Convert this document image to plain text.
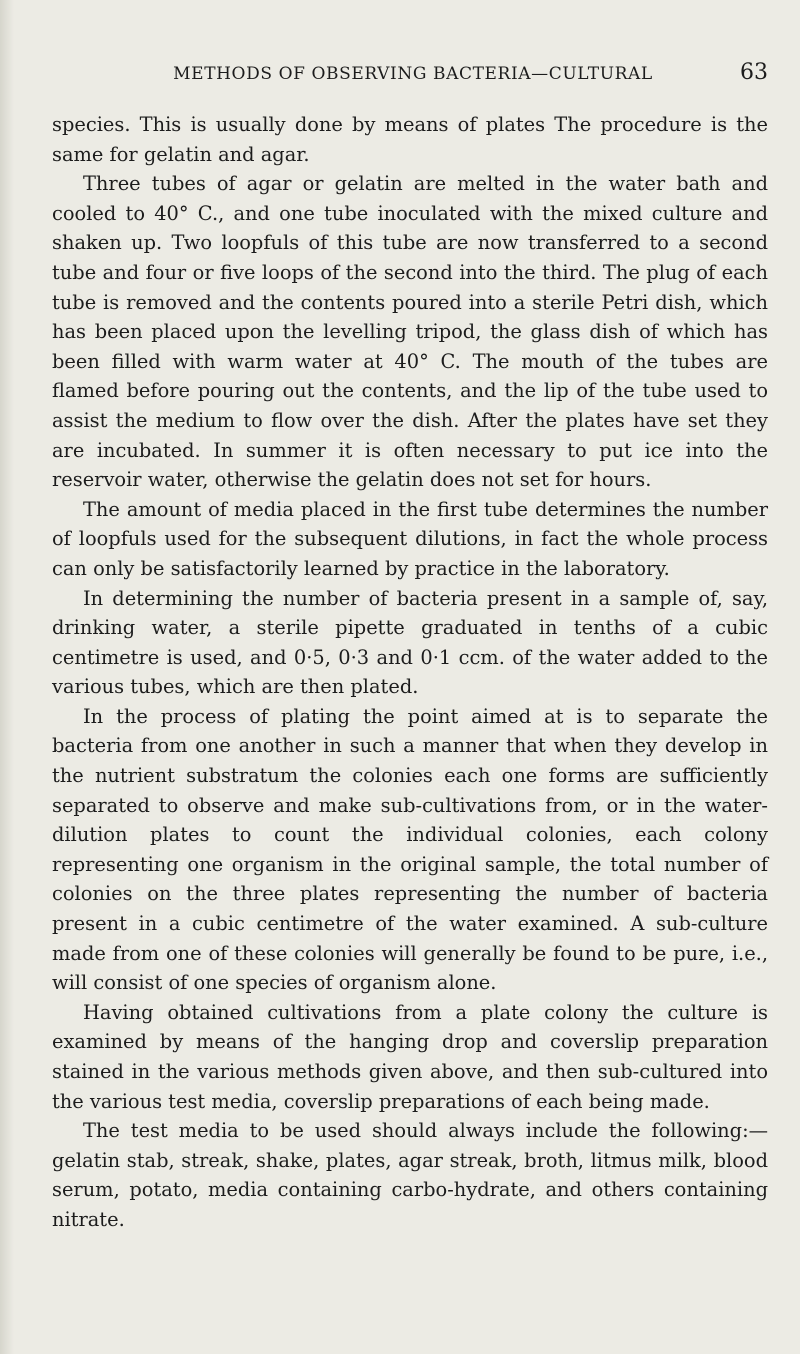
METHODS OF OBSERVING BACTERIA—CULTURAL	63

species. This is usually done by means of plates The procedure is the same for gelatin and agar.

Three tubes of agar or gelatin are melted in the water bath and cooled to 40° C., and one tube inoculated with the mixed culture and shaken up. Two loopfuls of this tube are now transferred to a second tube and four or five loops of the second into the third. The plug of each tube is removed and the contents poured into a sterile Petri dish, which has been placed upon the levelling tripod, the glass dish of which has been filled with warm water at 40° C. The mouth of the tubes are flamed before pouring out the contents, and the lip of the tube used to assist the medium to flow over the dish. After the plates have set they are incubated. In summer it is often necessary to put ice into the reservoir water, otherwise the gelatin does not set for hours.

The amount of media placed in the first tube determines the number of loopfuls used for the subsequent dilutions, in fact the whole process can only be satisfactorily learned by practice in the laboratory.

In determining the number of bacteria present in a sample of, say, drinking water, a sterile pipette graduated in tenths of a cubic centimetre is used, and 0·5, 0·3 and 0·1 ccm. of the water added to the various tubes, which are then plated.

In the process of plating the point aimed at is to separate the bacteria from one another in such a manner that when they develop in the nutrient substratum the colonies each one forms are sufficiently separated to observe and make sub-cultivations from, or in the water-dilution plates to count the individual colonies, each colony representing one organism in the original sample, the total number of colonies on the three plates representing the number of bacteria present in a cubic centimetre of the water examined. A sub-culture made from one of these colonies will generally be found to be pure, i.e., will consist of one species of organism alone.

Having obtained cultivations from a plate colony the culture is examined by means of the hanging drop and coverslip preparation stained in the various methods given above, and then sub-cultured into the various test media, coverslip preparations of each being made.

The test media to be used should always include the following:— gelatin stab, streak, shake, plates, agar streak, broth, litmus milk, blood serum, potato, media containing carbo-hydrate, and others containing nitrate.
